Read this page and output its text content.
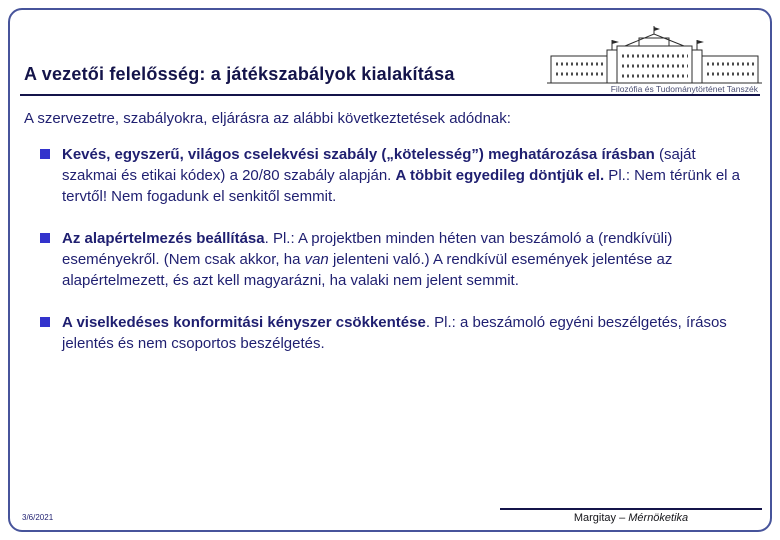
A vezetői felelősség: a játékszabályok kialakítása
Filozófia és Tudománytörténet Tanszék
A szervezetre, szabályokra, eljárásra az alábbi következtetések adódnak:
Kevés, egyszerű, világos cselekvési szabály („kötelesség”) meghatározása írásban (saját szakmai és etikai kódex) a 20/80 szabály alapján. A többit egyedileg döntjük el. Pl.: Nem térünk el a tervtől! Nem fogadunk el senkitől semmit.
Az alapértelmezés beállítása. Pl.: A projektben minden héten van beszámoló a (rendkívüli) eseményekről. (Nem csak akkor, ha van jelenteni való.) A rendkívül események jelentése az alapértelmezett, és azt kell magyarázni, ha valaki nem jelent semmit.
A viselkedéses konformitási kényszer csökkentése. Pl.: a beszámoló egyéni beszélgetés, írásos jelentés és nem csoportos beszélgetés.
3/6/2021	Margitay – Mérnöketika
